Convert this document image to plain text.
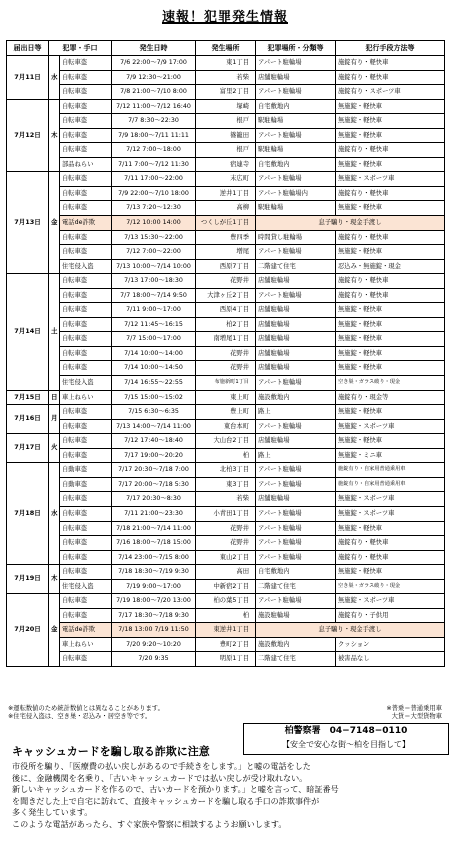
速報！犯罪発生情報
届出日等	犯罪・手口		発生日時	発生場所	犯罪場所・分類等	犯行手段方法等
7月11日	水	自転車盗	7/6 22:00〜7/9 17:00	東1丁目	アパート駐輪場	施錠有り・軽快車
		自転車盗	7/9 12:30〜21:00	若柴	店舗駐輪場	施錠有り・軽快車
		自転車盗	7/8 21:00〜7/10 8:00	富里2丁目	アパート駐輪場	施錠有り・スポーツ車
7月12日	木	自転車盗	7/12 11:00〜7/12 16:40	塚崎	自宅敷地内	無施錠・軽快車
		自転車盗	7/7 8:30〜22:30	根戸	駅駐輪場	無施錠・軽快車
		自転車盗	7/9 18:00〜7/11 11:11	篠籠田	アパート駐輪場	無施錠・軽快車
		自転車盗	7/12 7:00〜18:00	根戸	駅駐輪場	施錠有り・軽快車
		部品ねらい	7/11 7:00〜7/12 11:30	宿連寺	自宅敷地内	無施錠・軽快車
7月13日	金	自転車盗	7/11 17:00〜22:00	末広町	アパート駐輪場	無施錠・スポーツ車
		自転車盗	7/9 22:00〜7/10 18:00	逆井1丁目	アパート駐輪場内	施錠有り・軽快車
		自転車盗	7/13 7:20〜12:30	高柳	駅駐輪場	無施錠・軽快車
		電話de詐欺	7/12 10:00 14:00	つくしが丘1丁目	息子騙り・現金手渡し	
		自転車盗	7/13 15:30〜22:00	豊四季	時間貸し駐輪場	施錠有り・軽快車
		自転車盗	7/12 7:00〜22:00	増尾	アパート駐輪場	無施錠・軽快車
		住宅侵入盗	7/13 10:00〜7/14 10:00	西原7丁目	二階建て住宅	忍込み・無施錠・現金
7月14日	土	自転車盗	7/13 17:00〜18:30	花野井	店舗駐輪場	施錠有り・軽快車
		自転車盗	7/7 18:00〜7/14 9:50	大津ヶ丘2丁目	アパート駐輪場	施錠有り・軽快車
		自転車盗	7/11 9:00〜17:00	西原4丁目	店舗駐輪場	無施錠・軽快車
		自転車盗	7/12 11:45〜16:15	柏2丁目	店舗駐輪場	無施錠・軽快車
		自転車盗	7/7 15:00〜17:00	南増尾1丁目	店舗駐輪場	無施錠・軽快車
		自転車盗	7/14 10:00〜14:00	花野井	店舗駐輪場	無施錠・軽快車
		自転車盗	7/14 10:00〜14:50	花野井	店舗駐輪場	無施錠・軽快車
		住宅侵入盗	7/14 16:55〜22:55	布施新町1丁目	アパート駐輪場	空き巣・ガラス破り・現金
7月15日	日	車上ねらい	7/15 15:00〜15:02	東上町	施設敷地内	施錠有り・現金等
7月16日	月	自転車盗	7/15 6:30〜6:35	豊上町	路上	無施錠・軽快車
		自転車盗	7/13 14:00〜7/14 11:00	東台本町	アパート駐輪場	無施錠・スポーツ車
7月17日	火	自転車盗	7/12 17:40〜18:40	大山台2丁目	店舗駐輪場	無施錠・軽快車
		自転車盗	7/17 19:00〜20:20	柏	路上	無施錠・ミニ車
7月18日	水	自動車盗	7/17 20:30〜7/18 7:00	北柏3丁目	アパート駐輪場	施錠有り・自家用普通乗用車
		自動車盗	7/17 20:00〜7/18 5:30	東3丁目	アパート駐輪場	施錠有り・自家用普通乗用車
		自転車盗	7/17 20:30〜8:30	若柴	店舗駐輪場	無施錠・スポーツ車
		自転車盗	7/11 21:00〜23:30	小青田1丁目	アパート駐輪場	無施錠・スポーツ車
		自転車盗	7/18 21:00〜7/14 11:00	花野井	アパート駐輪場	無施錠・軽快車
		自転車盗	7/16 18:00〜7/18 15:00	花野井	アパート駐輪場	施錠有り・軽快車
		自転車盗	7/14 23:00〜7/15 8:00	東山2丁目	アパート駐輪場	施錠有り・軽快車
7月19日	木	自転車盗	7/18 18:30〜7/19 9:30	高田	自宅敷地内	無施錠・軽快車
		住宅侵入盗	7/19 9:00〜17:00	中新宿2丁目	二階建て住宅	空き巣・ガラス破り・現金
7月20日	金	自転車盗	7/19 18:00〜7/20 13:00	柏の葉5丁目	アパート駐輪場	無施錠・スポーツ車
		自転車盗	7/17 18:30〜7/18 9:30	柏	施設駐輪場	施錠有り・子供用
		電話de詐欺	7/18 13:00 7/19 11:50	東逆井1丁目	息子騙り・現金手渡し	
		車上ねらい	7/20 9:20〜10:20	豊町2丁目	施設敷地内	クッション
		自転車盗	7/20 9:35	明原1丁目	二階建て住宅	被害品なし
※運転数値のため統計数値とは異なることがあります。
※住宅侵入盗は、空き巣・忍込み・居空き等です。
※普乗＝普通乗用車
大貨＝大型貨物車
柏警察署　04−7148−0110
【安全で安心な街〜柏を目指して】
キャッシュカードを騙し取る詐欺に注意
市役所を騙り、「医療費の払い戻しがあるので手続きをします。」と嘘の電話をした
後に、金融機関を名乗り、「古いキャッシュカードでは払い戻しが受け取れない。
新しいキャッシュカードを作るので、古いカードを預かります。」と嘘を言って、暗証番号
を聞きだした上で自宅に訪れて、直接キャッシュカードを騙し取る手口の詐欺事件が
多く発生しています。
このような電話があったら、すぐ家族や警察に相談するようお願いします。
